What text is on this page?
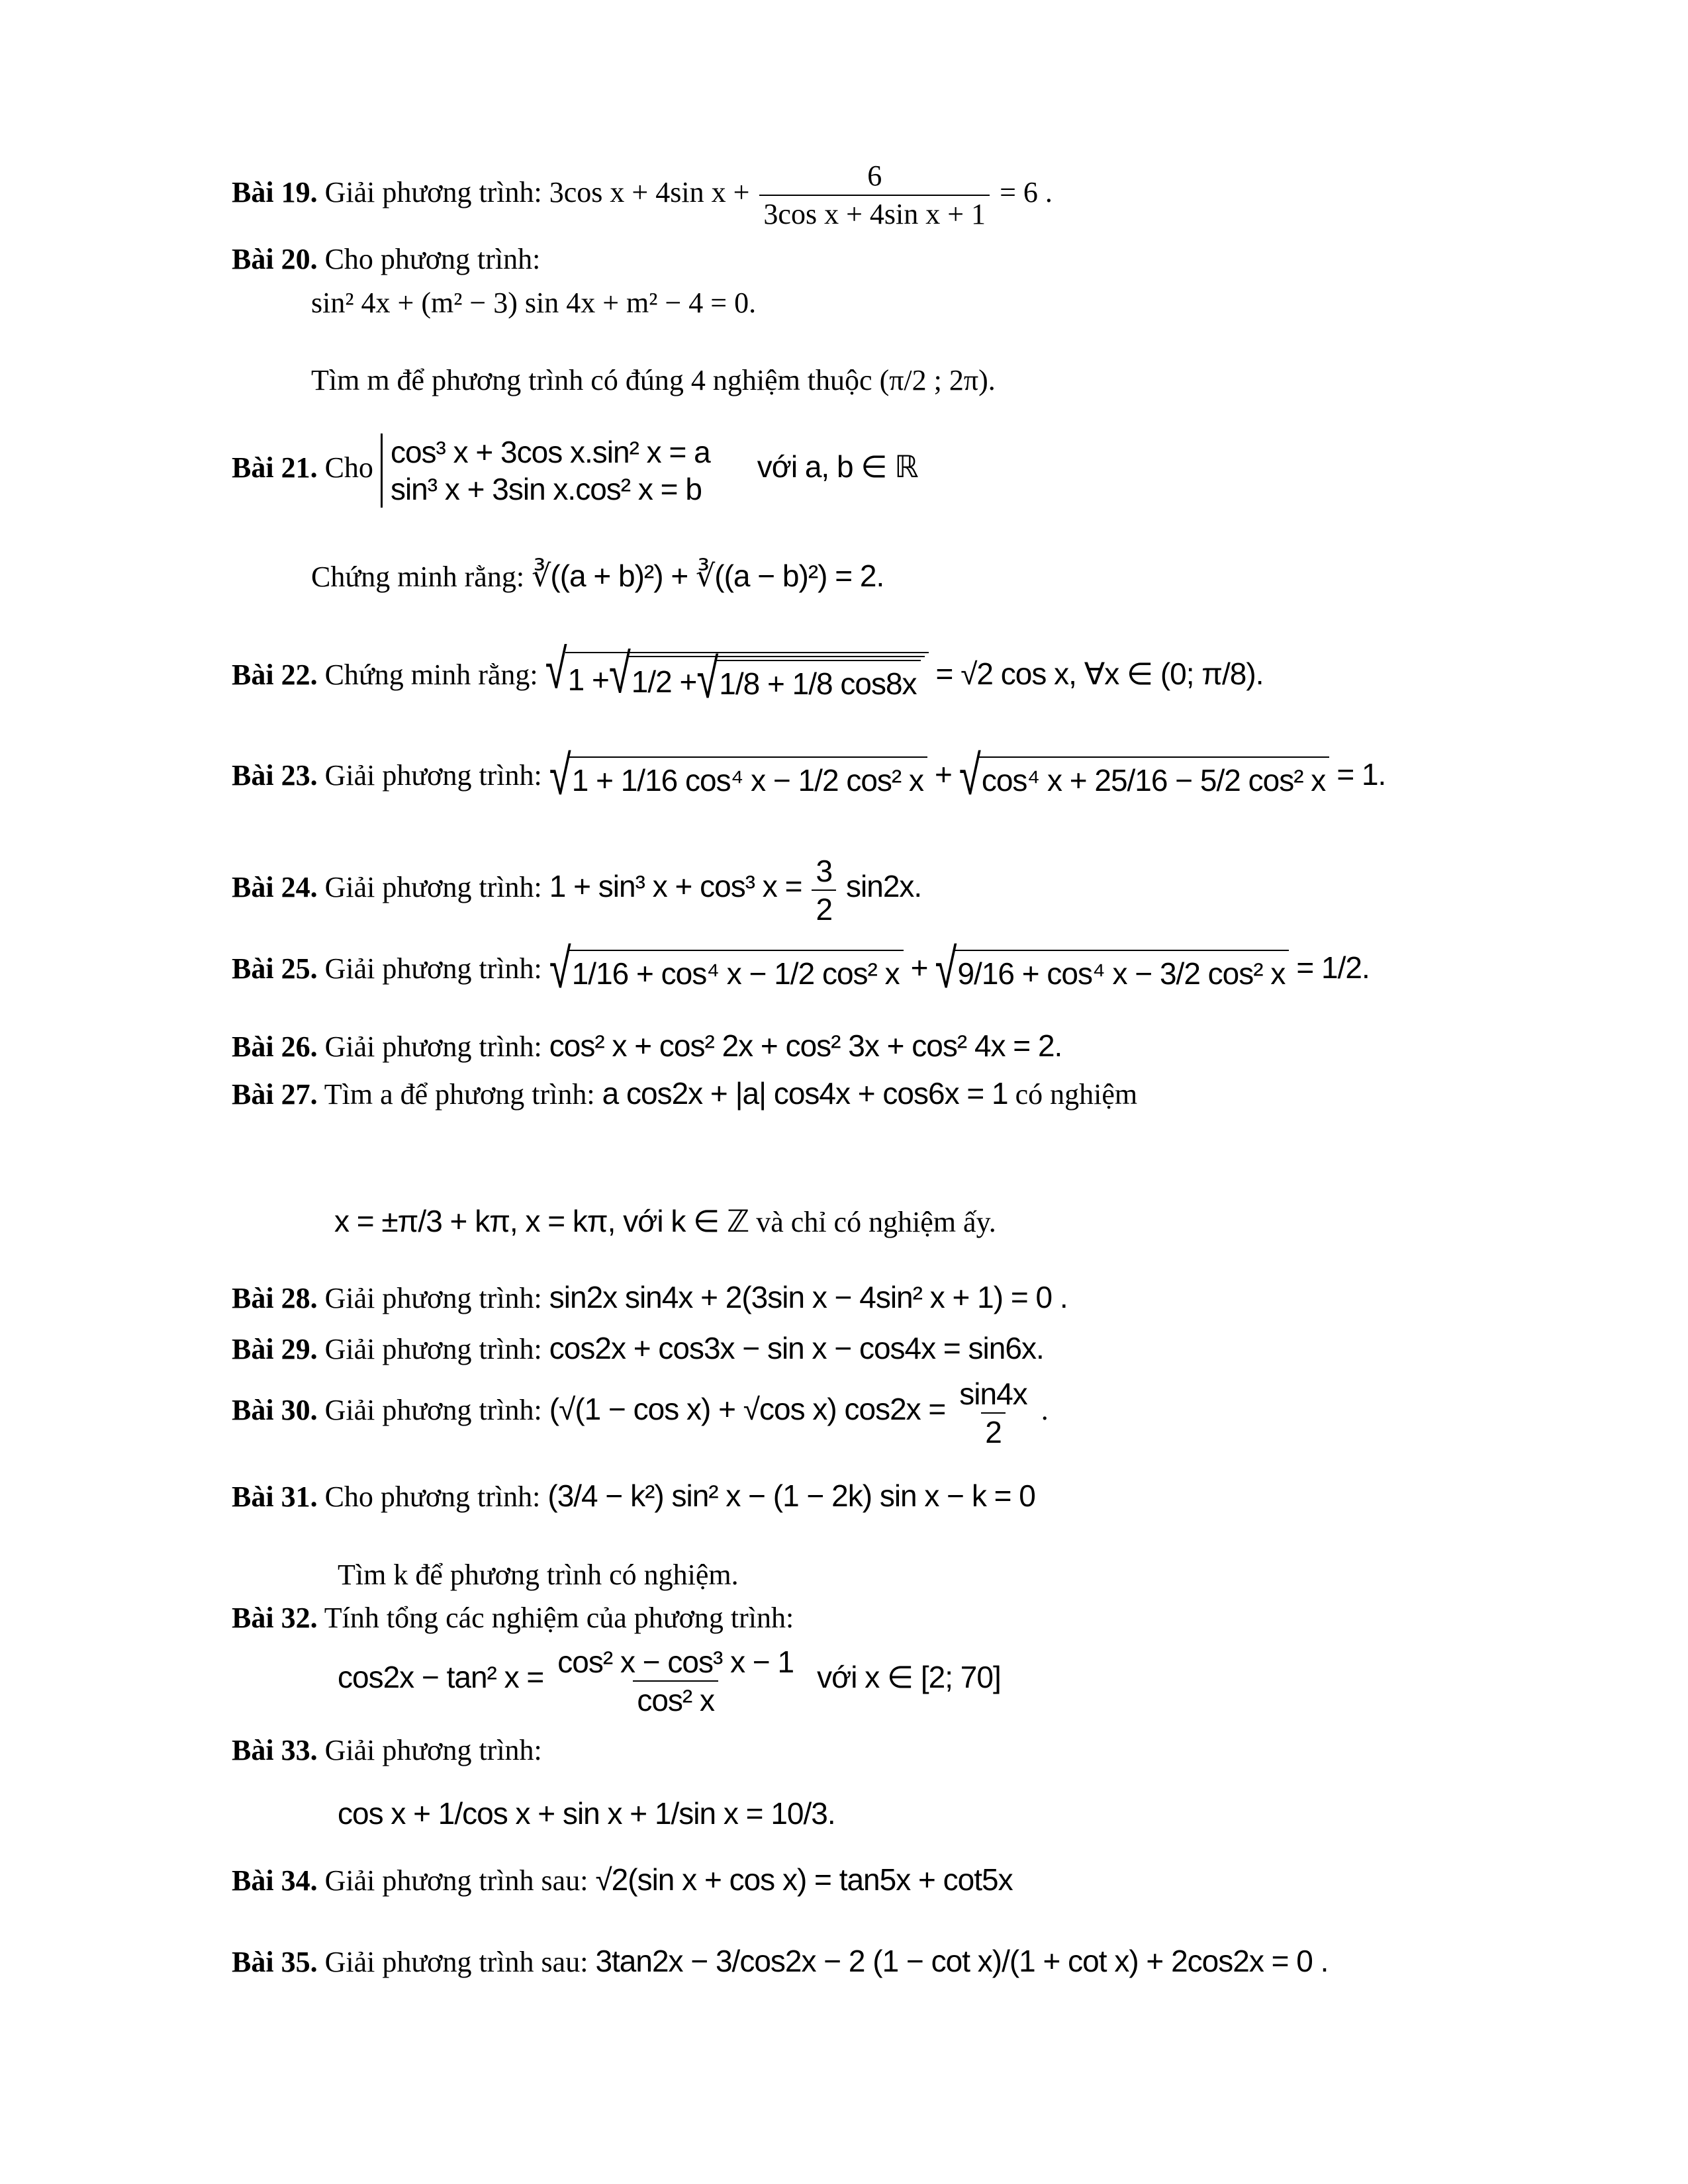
Bài 19. Giải phương trình: 3cos x + 4sin $x + \frac{6}{\text{3cos x + 4sin x + 1}} = 6$ .
Bài 20. Cho phương trình:
sin² 4x + (m² − 3) sin 4x + m² − 4 = 0.
Tìm m để phương trình có đúng 4 nghiệm thuộc (π/2 ; 2π).
Bài 21. Cho cos³ x + 3cos x.sin² x = a
sin³ x + 3sin x.cos² x = b
với a, b ∈ ℝ
Chứng minh rằng: ∛((a + b)²) + ∛((a − b)²) = 2.
Bài 22. Chứng minh rằng: √ 1 + √ 1/2 + √ 1/8 + 1/8 cos8x = √2 cos x, ∀x ∈ (0; π/8).
Bài 23. Giải phương trình: √ 1 + 1/16 cos⁴ x − 1/2 cos² x + √ cos⁴ x + 25/16 − 5/2 cos² x = 1.
Bài 24. Giải phương trình: 1 + sin³ x + cos³ $x = \frac{3}{2} \sin 2x$.
Bài 25. Giải phương trình: √ 1/16 + cos⁴ x − 1/2 cos² x + √ 9/16 + cos⁴ x − 3/2 cos² x = 1/2.
Bài 26. Giải phương trình: cos² x + cos² 2x + cos² 3x + cos² 4x = 2.
Bài 27. Tìm a để phương trình: a cos2x + |a| cos4x + cos6x = 1 có nghiệm
x = ±π/3 + kπ, x = kπ, với k ∈ ℤ và chỉ có nghiệm ấy.
Bài 28. Giải phương trình: sin2x sin4x + 2(3sin x − 4sin² x + 1) = 0 .
Bài 29. Giải phương trình: cos2x + cos3x − sin x − cos4x = sin6x.
Bài 30. Giải phương trình: (√(1 − cos x) + √cos x) $\cos 2x = \frac{\sin 4x}{2}$ .
Bài 31. Cho phương trình: (3/4 − k²) sin² x − (1 − 2k) sin x − k = 0
Tìm k để phương trình có nghiệm.
Bài 32. Tính tổng các nghiệm của phương trình:
cos2x − tan² $x = \frac{\text{cos² x − cos³ x − 1}}{\text{cos² x}}$ với x ∈ [2; 70]
Bài 33. Giải phương trình:
cos x + 1/cos x + sin x + 1/sin x = 10/3.
Bài 34. Giải phương trình sau: √2(sin x + cos x) = tan5x + cot5x
Bài 35. Giải phương trình sau: 3tan2x − 3/cos2x − 2 (1 − cot x)/(1 + cot x) + 2cos2x = 0 .
